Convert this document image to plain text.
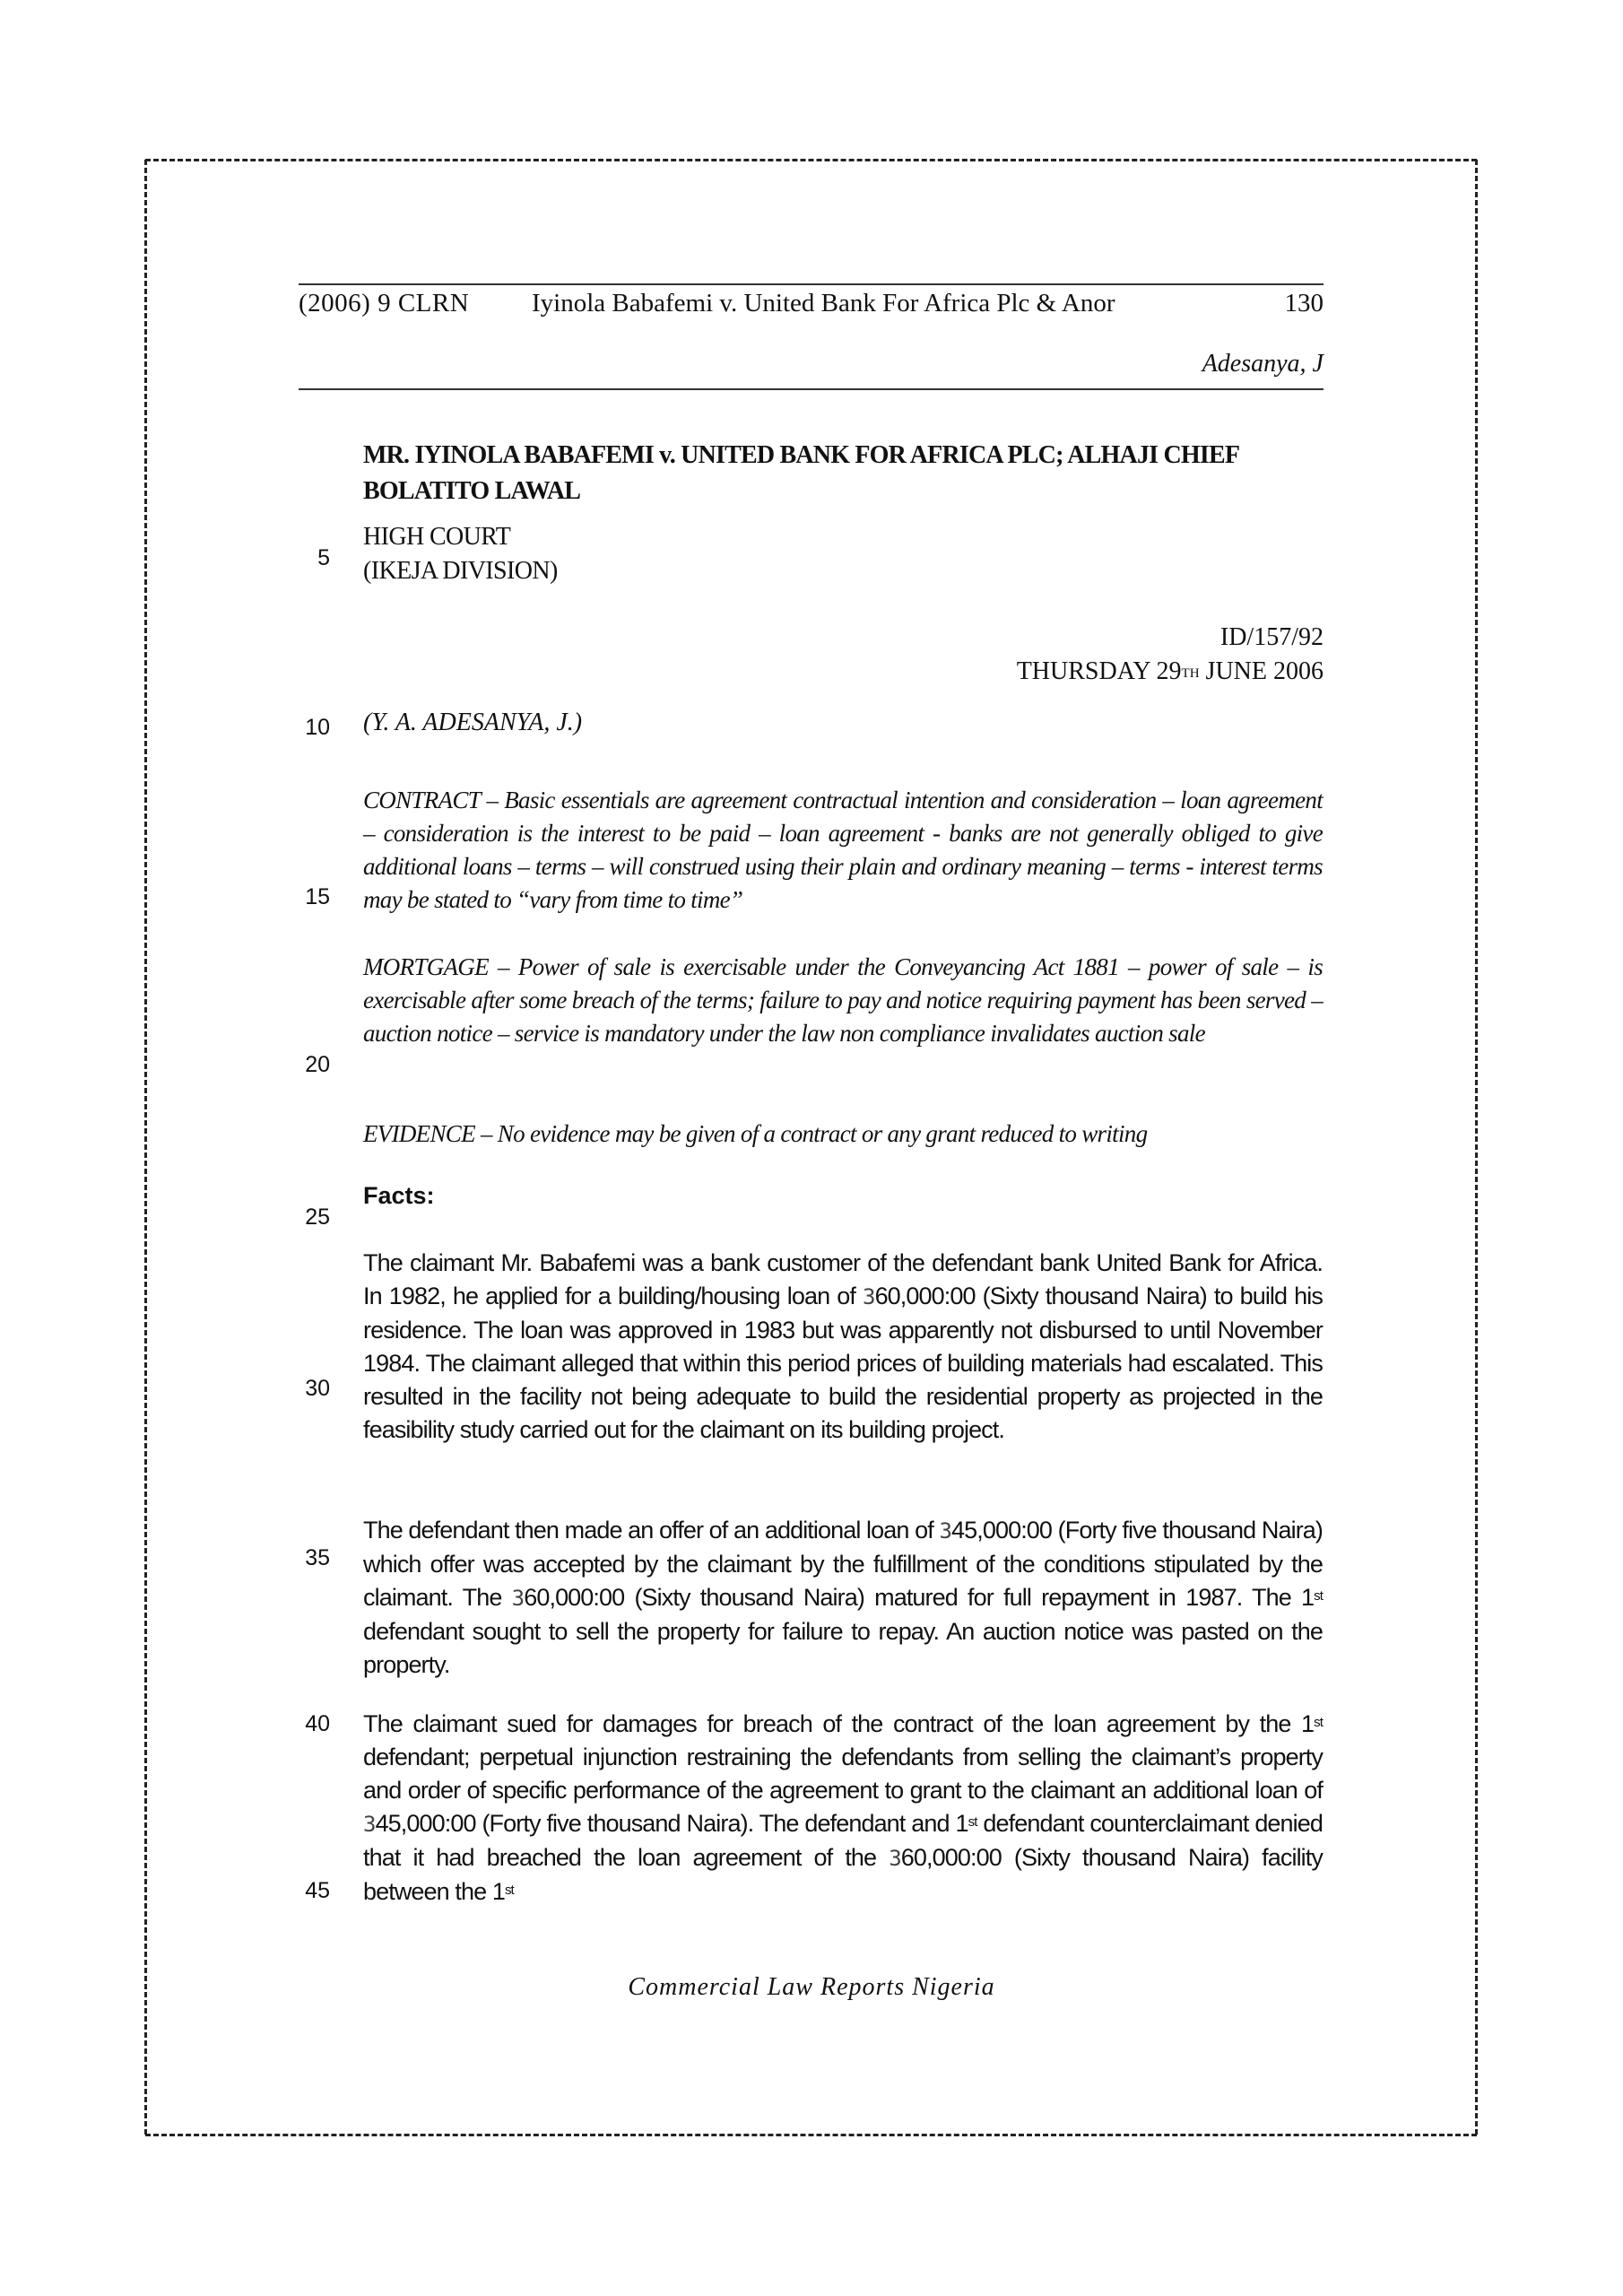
(2006) 9 CLRN	Iyinola Babafemi v. United Bank For Africa Plc & Anor	130
Adesanya, J
5
10
15
20
25
30
35
40
45
MR. IYINOLA BABAFEMI v. UNITED BANK FOR AFRICA PLC; ALHAJI CHIEF
BOLATITO LAWAL
HIGH COURT
(IKEJA DIVISION)
ID/157/92
THURSDAY 29TH JUNE 2006
(Y. A. ADESANYA, J.)
CONTRACT – Basic essentials are agreement contractual intention and consideration – loan agreement – consideration is the interest to be paid – loan agreement - banks are not generally obliged to give additional loans – terms – will construed using their plain and ordinary meaning – terms - interest terms may be stated to “vary from time to time”
MORTGAGE – Power of sale is exercisable under the Conveyancing Act 1881 – power of sale – is exercisable after some breach of the terms; failure to pay and notice requiring payment has been served – auction notice – service is mandatory under the law non compliance invalidates auction sale
EVIDENCE – No evidence may be given of a contract or any grant reduced to writing
Facts:
The claimant Mr. Babafemi was a bank customer of the defendant bank United Bank for Africa. In 1982, he applied for a building/housing loan of 360,000:00 (Sixty thousand Naira) to build his residence. The loan was approved in 1983 but was apparently not disbursed to until November 1984. The claimant alleged that within this period prices of building materials had escalated. This resulted in the facility not being adequate to build the residential property as projected in the feasibility study carried out for the claimant on its building project.
The defendant then made an offer of an additional loan of 345,000:00 (Forty five thousand Naira) which offer was accepted by the claimant by the fulfillment of the conditions stipulated by the claimant. The 360,000:00 (Sixty thousand Naira) matured for full repayment in 1987. The 1st defendant sought to sell the property for failure to repay. An auction notice was pasted on the property.
The claimant sued for damages for breach of the contract of the loan agreement by the 1st defendant; perpetual injunction restraining the defendants from selling the claimant’s property and order of specific performance of the agreement to grant to the claimant an additional loan of 345,000:00 (Forty five thousand Naira). The defendant and 1st defendant counterclaimant denied that it had breached the loan agreement of the 360,000:00 (Sixty thousand Naira) facility between the 1st
Commercial Law Reports Nigeria
